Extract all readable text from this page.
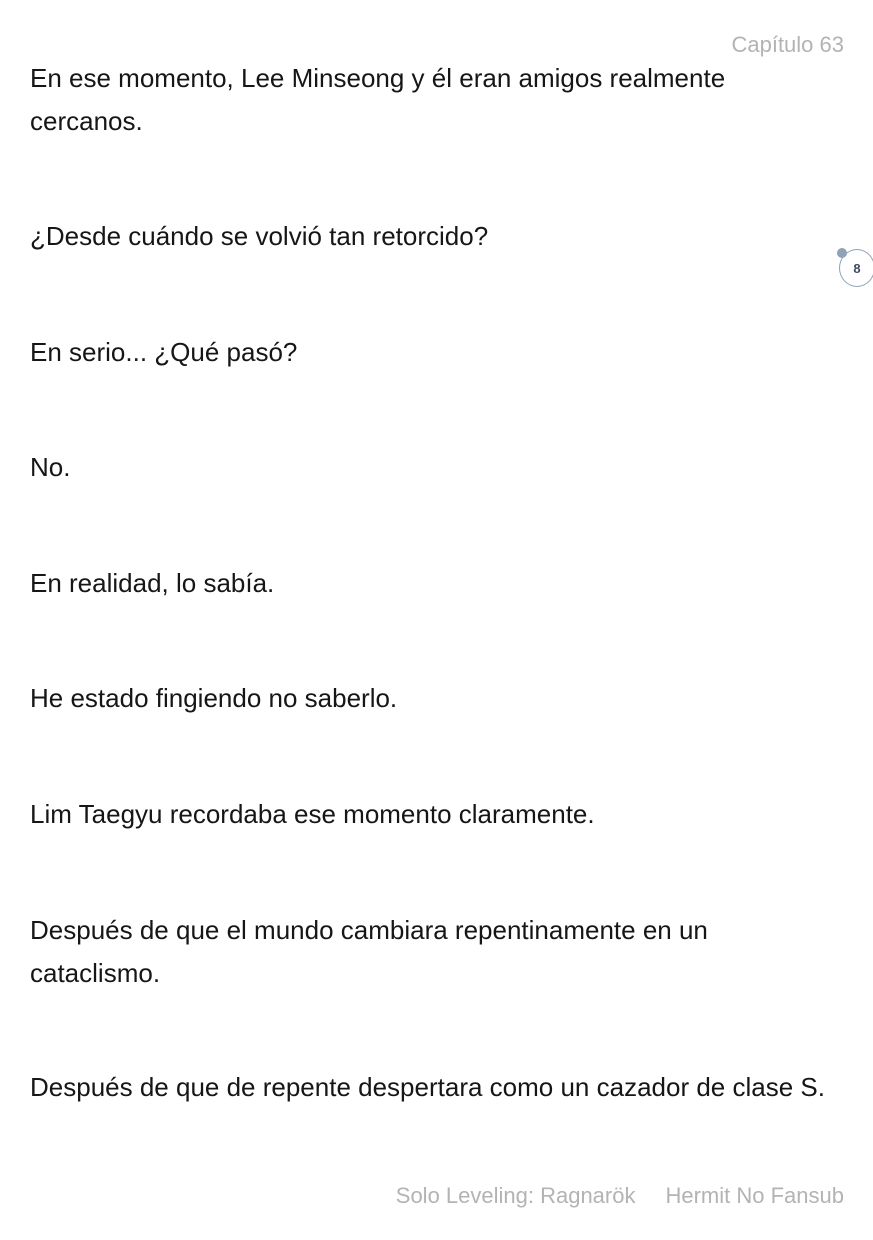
Capítulo 63

En ese momento, Lee Minseong y él eran amigos realmente cercanos.

¿Desde cuándo se volvió tan retorcido?

En serio... ¿Qué pasó?

No.

En realidad, lo sabía.

He estado fingiendo no saberlo.

Lim Taegyu recordaba ese momento claramente.

Después de que el mundo cambiara repentinamente en un cataclismo.

Después de que de repente despertara como un cazador de clase S.

8
Solo Leveling: Ragnarök Hermit No Fansub
